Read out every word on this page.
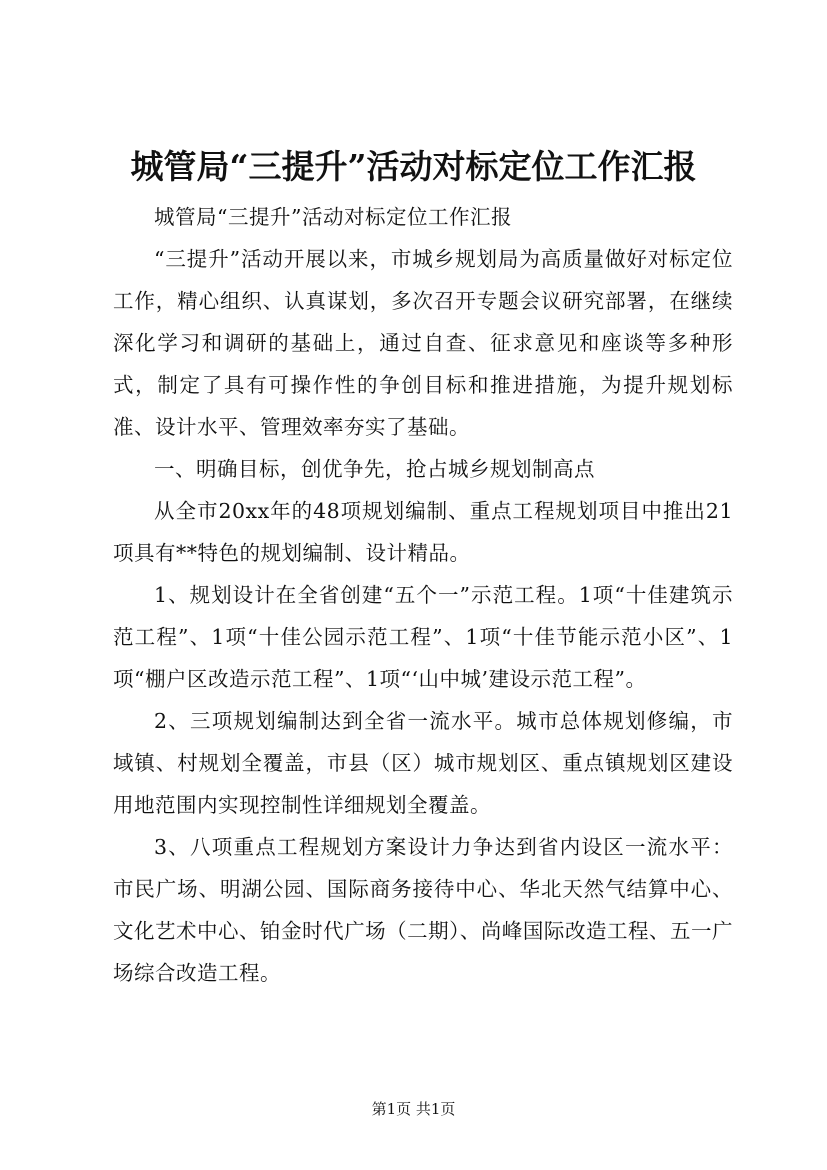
城管局“三提升”活动对标定位工作汇报

城管局“三提升”活动对标定位工作汇报

“三提升”活动开展以来，市城乡规划局为高质量做好对标定位工作，精心组织、认真谋划，多次召开专题会议研究部署，在继续深化学习和调研的基础上，通过自查、征求意见和座谈等多种形式，制定了具有可操作性的争创目标和推进措施，为提升规划标准、设计水平、管理效率夯实了基础。

一、明确目标，创优争先，抢占城乡规划制高点

从全市20xx年的48项规划编制、重点工程规划项目中推出21项具有**特色的规划编制、设计精品。

1、规划设计在全省创建“五个一”示范工程。1项“十佳建筑示范工程”、1项“十佳公园示范工程”、1项“十佳节能示范小区”、1项“棚户区改造示范工程”、1项“‘山中城’建设示范工程”。

2、三项规划编制达到全省一流水平。城市总体规划修编，市域镇、村规划全覆盖，市县（区）城市规划区、重点镇规划区建设用地范围内实现控制性详细规划全覆盖。

3、八项重点工程规划方案设计力争达到省内设区一流水平：市民广场、明湖公园、国际商务接待中心、华北天然气结算中心、文化艺术中心、铂金时代广场（二期）、尚峰国际改造工程、五一广场综合改造工程。

第1页 共1页
